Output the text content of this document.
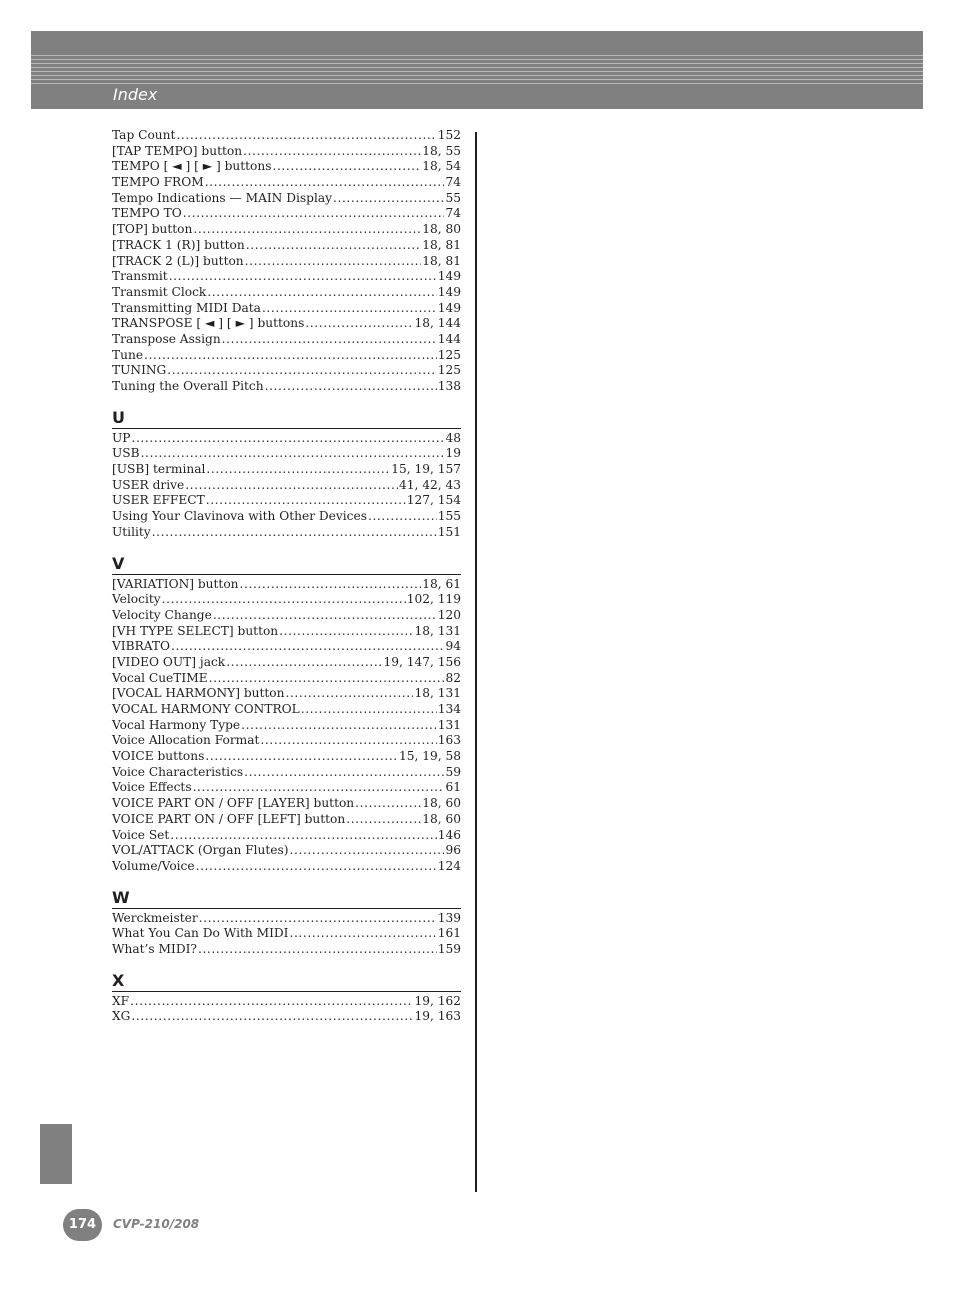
Index
Tap Count .....	152
[TAP TEMPO] button .....	18, 55
TEMPO [ ◄ ] [ ► ] buttons .....	18, 54
TEMPO FROM .....	74
Tempo Indications — MAIN Display .....	55
TEMPO TO .....	74
[TOP] button .....	18, 80
[TRACK 1 (R)] button .....	18, 81
[TRACK 2 (L)] button .....	18, 81
Transmit .....	149
Transmit Clock .....	149
Transmitting MIDI Data .....	149
TRANSPOSE [ ◄ ] [ ► ] buttons .....	18, 144
Transpose Assign .....	144
Tune .....	125
TUNING .....	125
Tuning the Overall Pitch .....	138
U
UP .....	48
USB .....	19
[USB] terminal .....	15, 19, 157
USER drive .....	41, 42, 43
USER EFFECT .....	127, 154
Using Your Clavinova with Other Devices .....	155
Utility .....	151
V
[VARIATION] button .....	18, 61
Velocity .....	102, 119
Velocity Change .....	120
[VH TYPE SELECT] button .....	18, 131
VIBRATO .....	94
[VIDEO OUT] jack .....	19, 147, 156
Vocal CueTIME .....	82
[VOCAL HARMONY] button .....	18, 131
VOCAL HARMONY CONTROL .....	134
Vocal Harmony Type .....	131
Voice Allocation Format .....	163
VOICE buttons .....	15, 19, 58
Voice Characteristics .....	59
Voice Effects .....	61
VOICE PART ON / OFF [LAYER] button .....	18, 60
VOICE PART ON / OFF [LEFT] button .....	18, 60
Voice Set .....	146
VOL/ATTACK (Organ Flutes) .....	96
Volume/Voice .....	124
W
Werckmeister .....	139
What You Can Do With MIDI .....	161
What’s MIDI? .....	159
X
XF .....	19, 162
XG .....	19, 163
174	CVP-210/208
